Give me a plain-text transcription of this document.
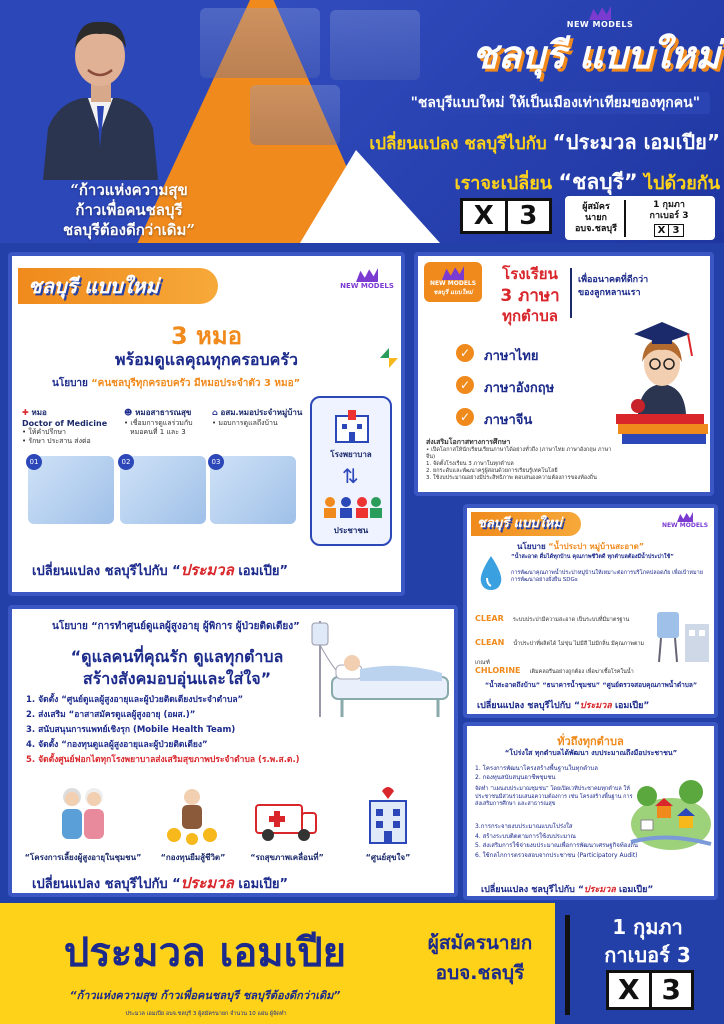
“ก้าวแห่งความสุข
ก้าวเพื่อคนชลบุรี
ชลบุรีต้องดีกว่าเดิม”
NEW MODELS
ชลบุรี แบบใหม่
"ชลบุรีแบบใหม่ ให้เป็นเมืองเท่าเทียมของทุกคน"
เปลี่ยนแปลง ชลบุรีไปกับ “ประมวล เอมเปีย”
เราจะเปลี่ยน “ชลบุรี” ไปด้วยกัน
X 3	ผู้สมัคร
นายก
อบจ.ชลบุรี
1 กุมภา
กาเบอร์ 3
X 3
ชลบุรี แบบใหม่	NEW MODELS
3 หมอ
พร้อมดูแลคุณทุกครอบครัว
นโยบาย “คนชลบุรีทุกครอบครัว มีหมอประจำตัว 3 หมอ”
✚ หมอ
Doctor of Medicine
• ให้คำปรึกษา
• รักษา ประสาน ส่งต่อ
☻ หมอสาธารณสุข
• เชื่อมการดูแลร่วมกับ
หมอคนที่ 1 และ 3
⌂ อสม.หมอประจำหมู่บ้าน
• มอบการดูแลถึงบ้าน
01	02	03
โรงพยาบาล
⇅
ประชาชน
เปลี่ยนแปลง ชลบุรีไปกับ “ประมวล เอมเปีย”
NEW MODELS
ชลบุรี แบบใหม่
โรงเรียน
3 ภาษา
ทุกตำบล
เพื่ออนาคตที่ดีกว่า
ของลูกหลานเรา
✓	ภาษาไทย
✓	ภาษาอังกฤษ
✓	ภาษาจีน
ส่งเสริมโอกาสทางการศึกษา
• เปิดโอกาสให้นักเรียนเรียนภาษาได้อย่างทั่วถึง (ภาษาไทย ภาษาอังกฤษ ภาษาจีน)
1. จัดตั้งโรงเรียน 3 ภาษาในทุกตำบล
2. ยกระดับและพัฒนาครูผู้สอนด้วยการเรียนรู้เทคโนโลยี
3. ใช้งบประมาณอย่างมีประสิทธิภาพ ตอบสนองความต้องการของท้องถิ่น
ชลบุรี แบบใหม่	NEW MODELS
นโยบาย “น้ำประปา หมู่บ้านสะอาด”
“น้ำสะอาด ดื่มได้ทุกบ้าน คุณภาพชีวิตดี ทุกตำบลต้องมีน้ำประปาใช้”
การพัฒนาคุณภาพน้ำประปาหมู่บ้านให้เหมาะต่อการบริโภคปลอดภัย เพื่อเป้าหมายการพัฒนาอย่างยั่งยืน SDGs
CLEAR ระบบประปามีความสะอาด เป็นระบบที่มีมาตรฐาน
CLEAN น้ำประปาที่ผลิตได้ ไม่ขุ่น ไม่มีสี ไม่มีกลิ่น มีคุณภาพตามเกณฑ์
CHLORINE เติมคลอรีนอย่างถูกต้อง เพื่อฆ่าเชื้อโรคในน้ำ
“น้ำสะอาดถึงบ้าน” “ธนาคารน้ำชุมชน” “ศูนย์ตรวจสอบคุณภาพน้ำตำบล”
เปลี่ยนแปลง ชลบุรีไปกับ “ประมวล เอมเปีย”
นโยบาย “การทำศูนย์ดูแลผู้สูงอายุ ผู้พิการ ผู้ป่วยติดเตียง”
“ดูแลคนที่คุณรัก ดูแลทุกตำบล
สร้างสังคมอบอุ่นและใส่ใจ”
1. จัดตั้ง “ศูนย์ดูแลผู้สูงอายุและผู้ป่วยติดเตียงประจำตำบล”
2. ส่งเสริม “อาสาสมัครดูแลผู้สูงอายุ (อผส.)”
3. สนับสนุนการแพทย์เชิงรุก (Mobile Health Team)
4. จัดตั้ง “กองทุนดูแลผู้สูงอายุและผู้ป่วยติดเตียง”
5. จัดตั้งศูนย์ฟอกไตทุกโรงพยาบาลส่งเสริมสุขภาพประจำตำบล (ร.พ.ส.ต.)
“โครงการเลี้ยงผู้สูงอายุในชุมชน”	“กองทุนยืมสู้ชีวิต”	“รถสุขภาพเคลื่อนที่”	“ศูนย์สุขใจ”
เปลี่ยนแปลง ชลบุรีไปกับ “ประมวล เอมเปีย”
ทั่วถึงทุกตำบล
“โปร่งใส ทุกตำบลได้พัฒนา งบประมาณถึงมือประชาชน”
1. โครงการพัฒนาโครงสร้างพื้นฐานในทุกตำบล
2. กองทุนสนับสนุนอาชีพชุมชน
จัดทำ “แผนงบประมาณชุมชน” โดยเปิดเวทีประชาคมทุกตำบล ให้ประชาชนมีส่วนร่วมเสนอความต้องการ เช่น โครงสร้างพื้นฐาน การส่งเสริมการศึกษา และสาธารณสุข
3.การกระจายงบประมาณแบบโปร่งใส
4. สร้างระบบติดตามการใช้งบประมาณ
5. ส่งเสริมการใช้จ่ายงบประมาณเพื่อการพัฒนาเศรษฐกิจท้องถิ่น
6. ใช้กลไกการตรวจสอบจากประชาชน (Participatory Audit)
เปลี่ยนแปลง ชลบุรีไปกับ “ประมวล เอมเปีย”
ประมวล เอมเปีย
“ก้าวแห่งความสุข ก้าวเพื่อคนชลบุรี ชลบุรีต้องดีกว่าเดิม”
ประมวล เอมเปีย อบจ.ชลบุรี 3 ผู้สมัครนายก จำนวน 10 แผ่น ผู้จัดทำ
ผู้สมัครนายก
อบจ.ชลบุรี
1 กุมภา
กาเบอร์ 3
X 3
